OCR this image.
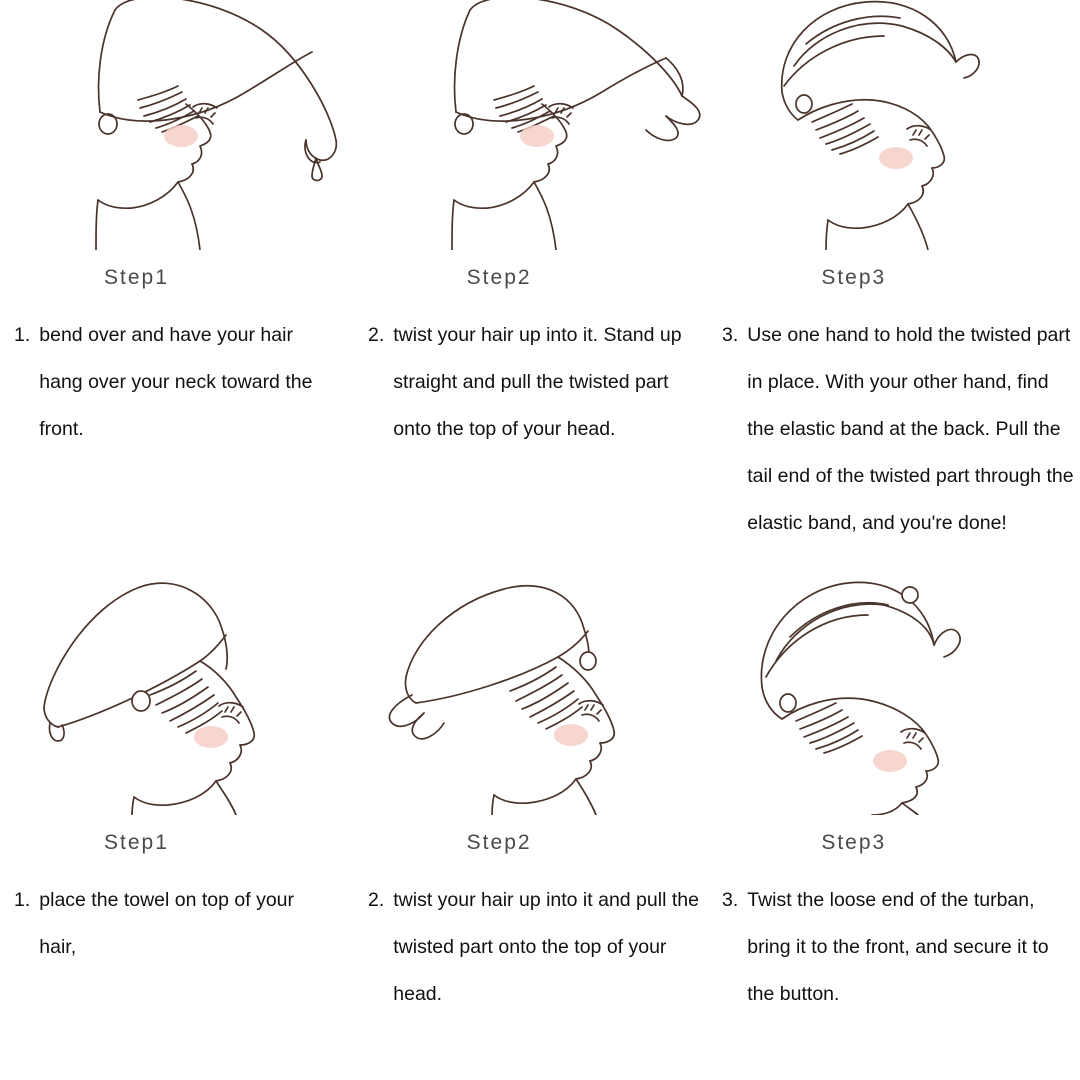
Step1	Step2	Step3
1. bend over and have your hair hang over your neck toward the front.
2. twist your hair up into it. Stand up straight and pull the twisted part onto the top of your head.
3. Use one hand to hold the twisted part in place. With your other hand, find the elastic band at the back. Pull the tail end of the twisted part through the elastic band, and you're done!
Step1	Step2	Step3
1. place the towel on top of your hair,
2. twist your hair up into it and pull the twisted part onto the top of your head.
3. Twist the loose end of the turban, bring it to the front, and secure it to the button.
